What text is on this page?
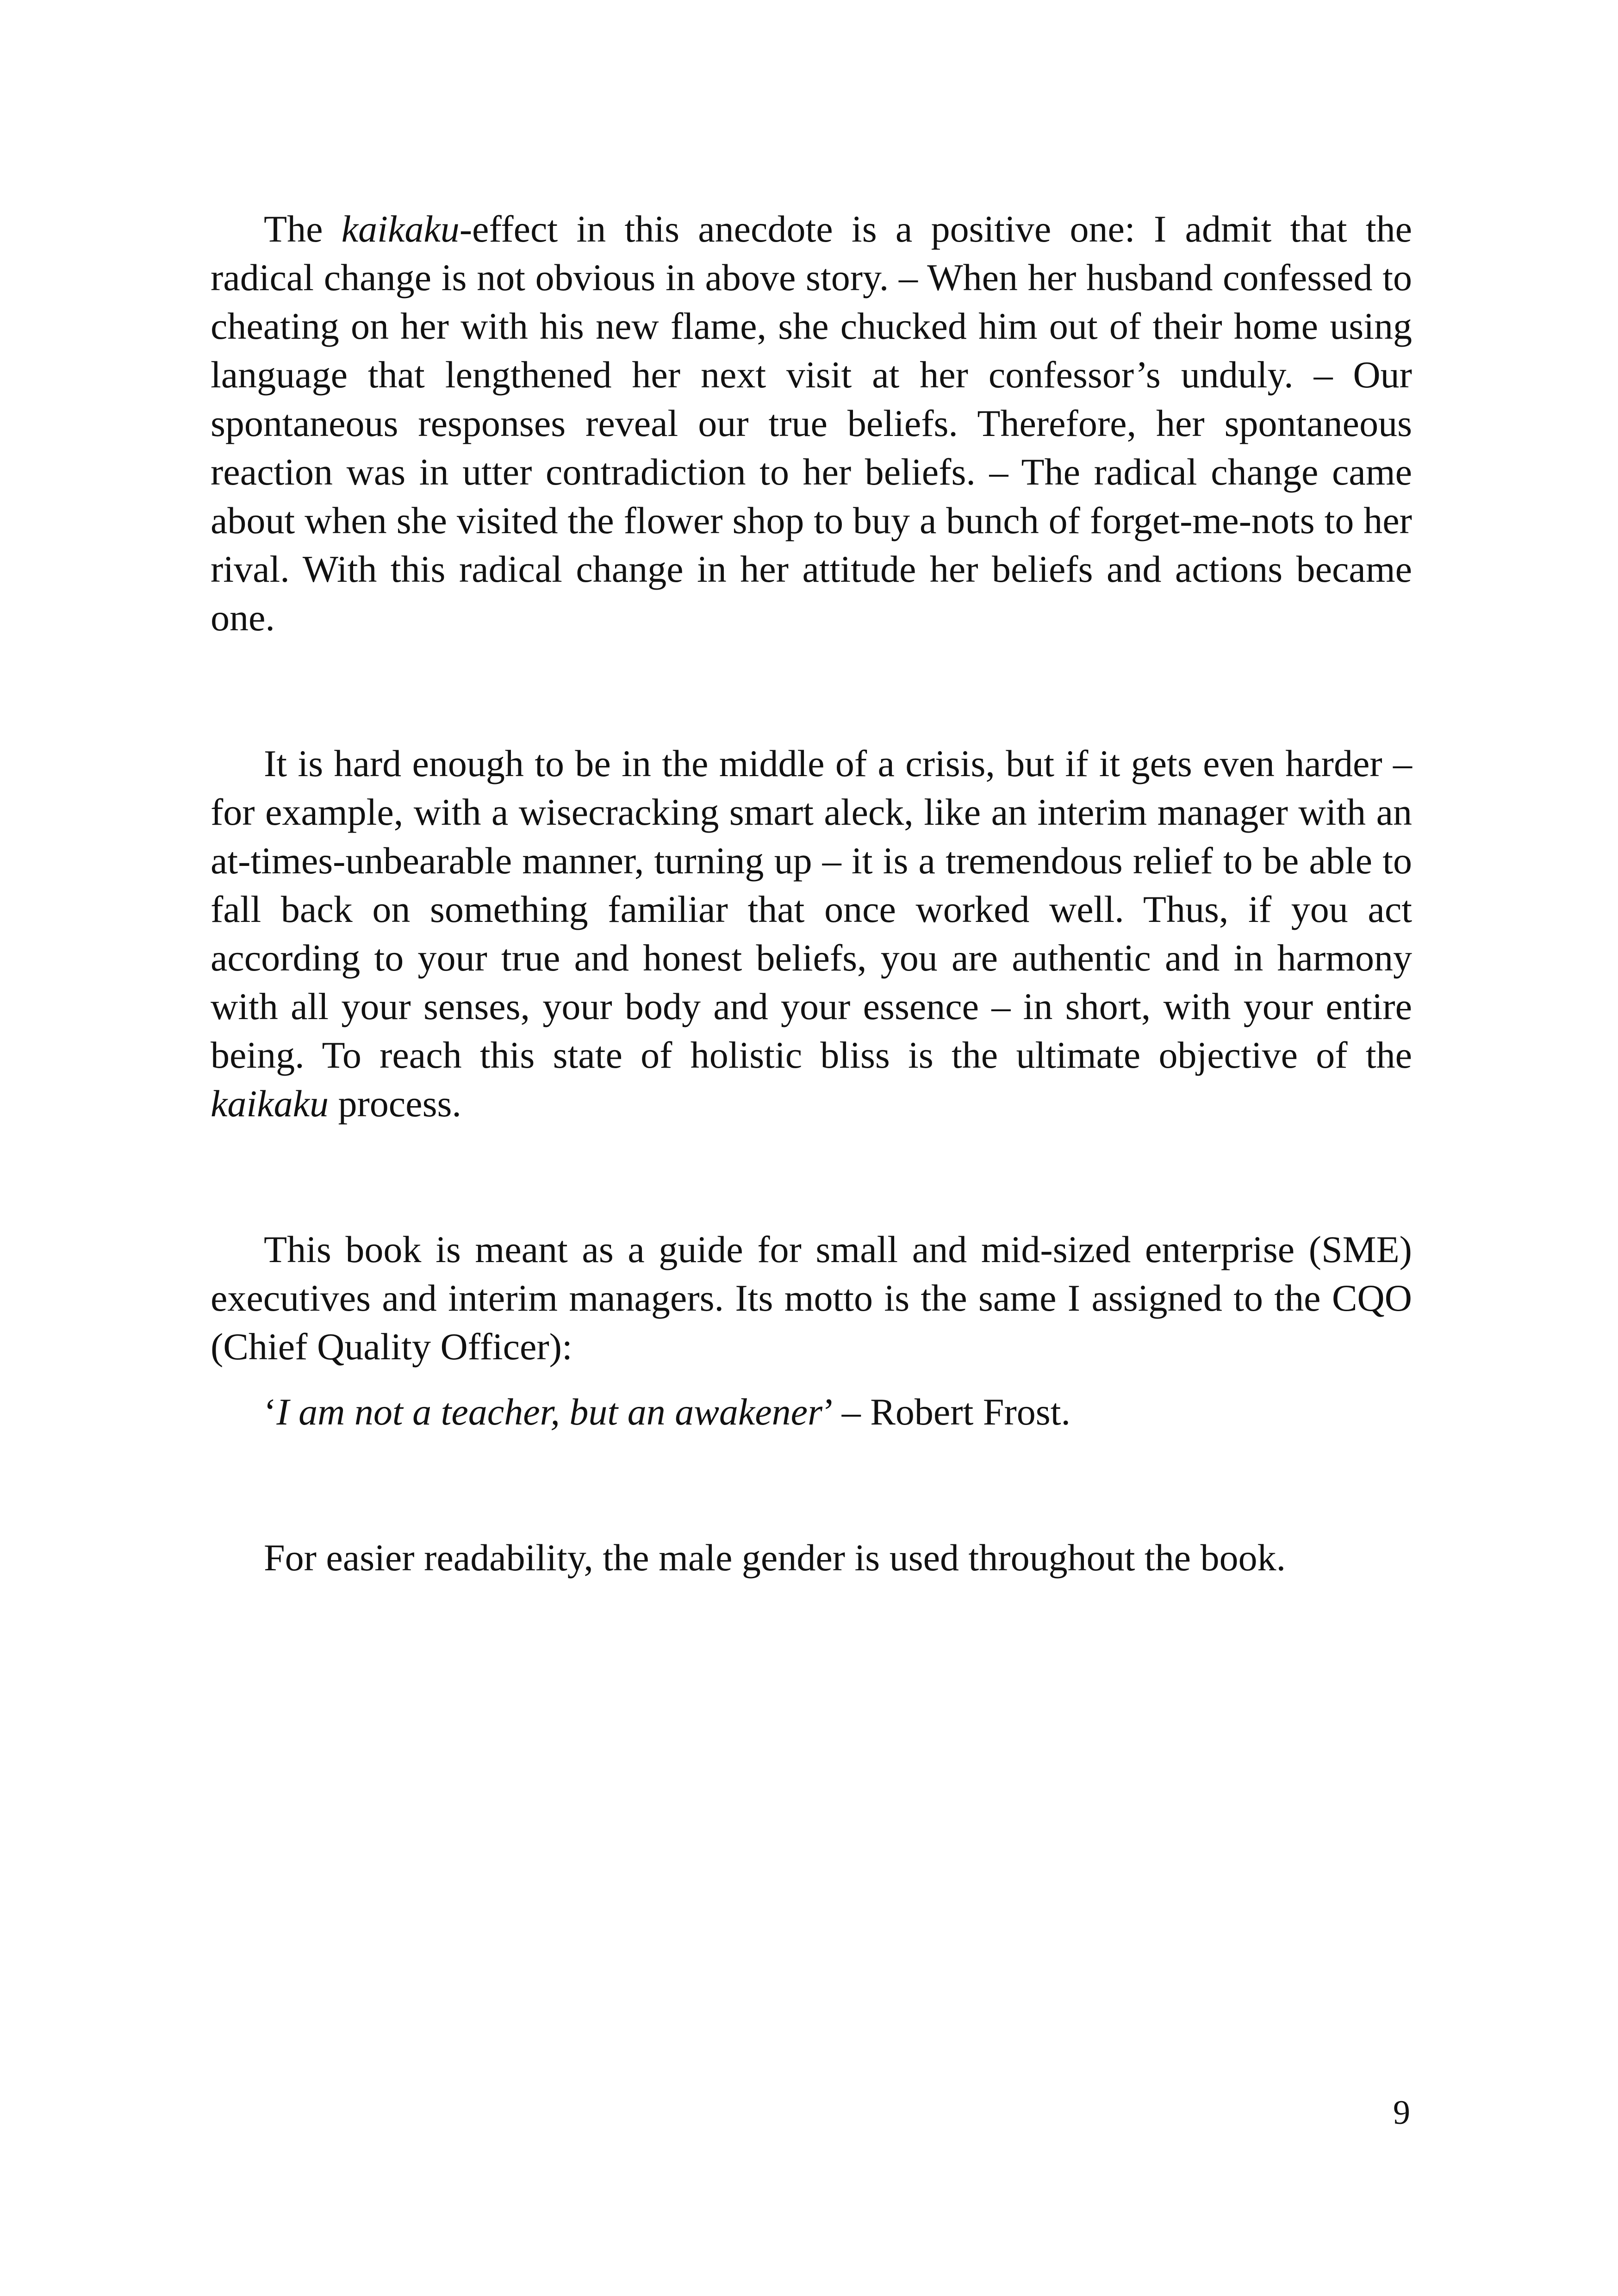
The kaikaku-effect in this anecdote is a positive one: I admit that the radical change is not obvious in above story. – When her husband confessed to cheating on her with his new flame, she chucked him out of their home using language that lengthened her next visit at her confessor’s unduly. – Our spontaneous responses reveal our true beliefs. Therefore, her spontaneous reaction was in utter contradiction to her beliefs. – The radical change came about when she visited the flower shop to buy a bunch of forget-me-nots to her rival. With this radical change in her attitude her beliefs and actions became one.

It is hard enough to be in the middle of a crisis, but if it gets even harder – for example, with a wisecracking smart aleck, like an interim manager with an at-times-unbearable manner, turning up – it is a tremendous relief to be able to fall back on something familiar that once worked well. Thus, if you act according to your true and honest beliefs, you are authentic and in harmony with all your senses, your body and your essence – in short, with your entire being. To reach this state of holistic bliss is the ultimate objective of the kaikaku process.

This book is meant as a guide for small and mid-sized enterprise (SME) executives and interim managers. Its motto is the same I assigned to the CQO (Chief Quality Officer):

‘I am not a teacher, but an awakener’ – Robert Frost.

For easier readability, the male gender is used throughout the book.

9
